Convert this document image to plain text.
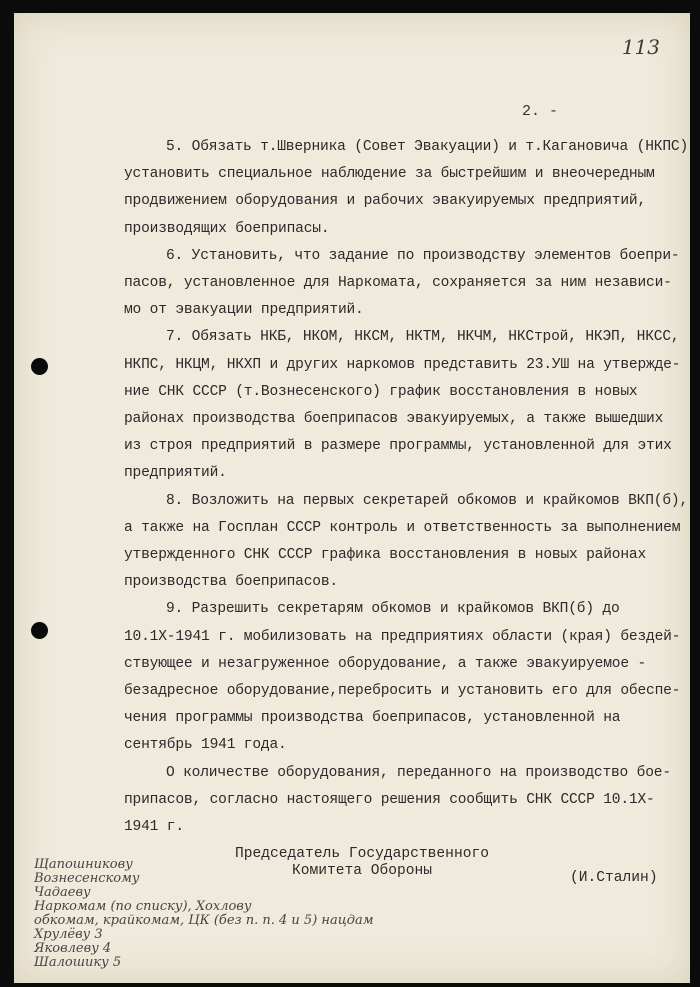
113
2. -
5. Обязать т.Шверника (Совет Эвакуации) и т.Кагановича (НКПС)
установить специальное наблюдение за быстрейшим и внеочередным
продвижением оборудования и рабочих эвакуируемых предприятий,
производящих боеприпасы.
6. Установить, что задание по производству элементов боепри-
пасов, установленное для Наркомата, сохраняется за ним независи-
мо от эвакуации предприятий.
7. Обязать НКБ, НКОМ, НКСМ, НКТМ, НКЧМ, НКСтрой, НКЭП, НКСС,
НКПС, НКЦМ, НКХП и других наркомов представить 23.УШ на утвержде-
ние СНК СССР (т.Вознесенского) график восстановления в новых
районах производства боеприпасов эвакуируемых, а также вышедших
из строя предприятий в размере программы, установленной для этих
предприятий.
8. Возложить на первых секретарей обкомов и крайкомов ВКП(б),
а также на Госплан СССР контроль и ответственность за выполнением
утвержденного СНК СССР графика восстановления в новых районах
производства боеприпасов.
9. Разрешить секретарям обкомов и крайкомов ВКП(б) до
10.1Х-1941 г. мобилизовать на предприятиях области (края) бездей-
ствующее и незагруженное оборудование, а также эвакуируемое -
безадресное оборудование,перебросить и установить его для обеспе-
чения программы производства боеприпасов, установленной на
сентябрь 1941 года.
О количестве оборудования, переданного на производство боe-
припасов, согласно настоящего решения сообщить СНК СССР 10.1Х-
1941 г.
Председатель Государственного
Комитета Обороны	(И.Сталин)
Щапошникову
Вознесенскому
Чадаеву
Наркомам (по списку), Хохлову
обкомам, крайкомам, ЦК (без п. п. 4 и 5) нацдам
Хрулёву 3
Яковлеву 4
Шалошику 5
